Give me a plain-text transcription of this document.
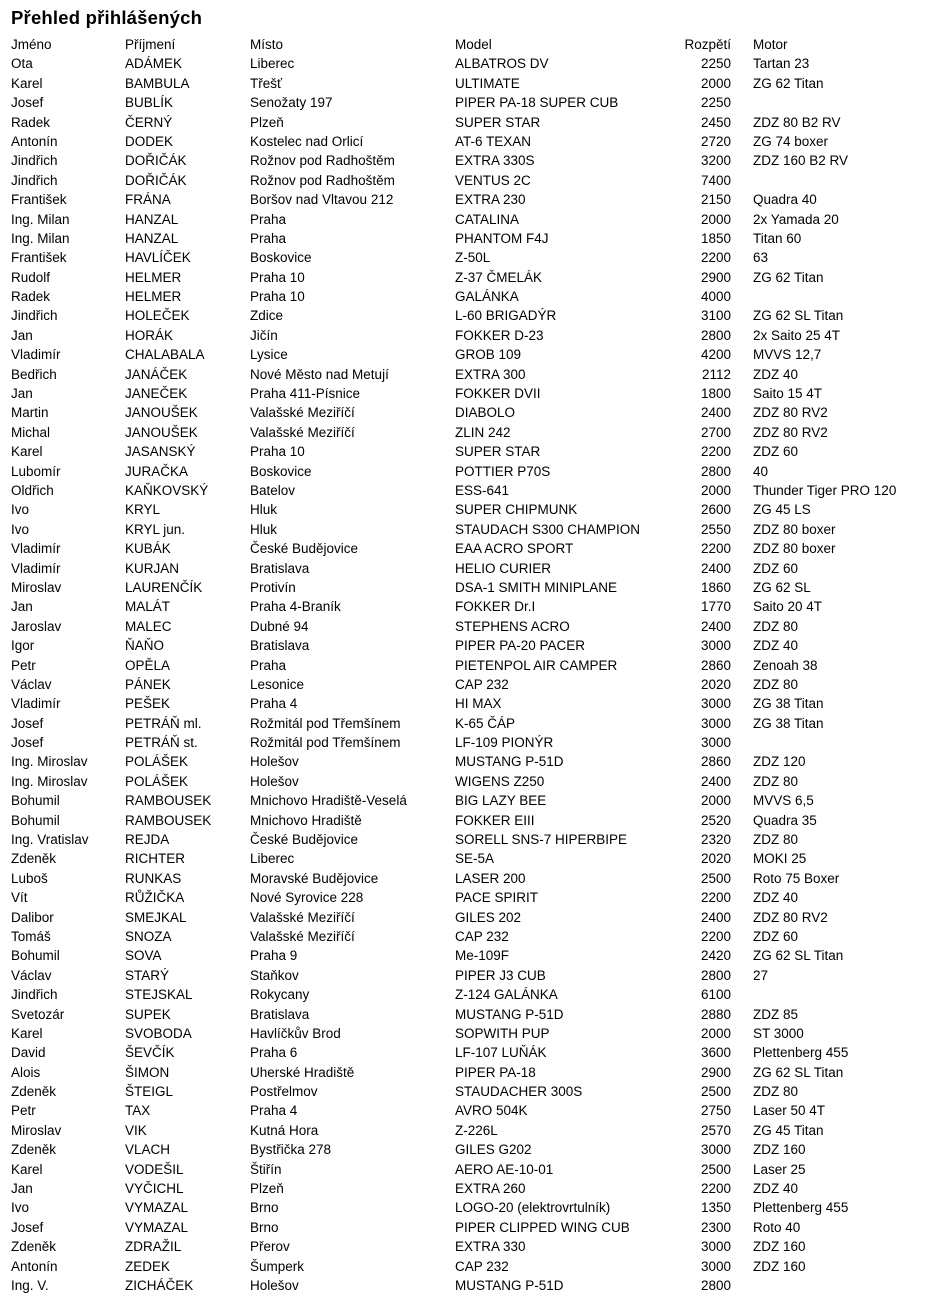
Přehled přihlášených
Jméno	Příjmení	Místo	Model	Rozpětí	Motor
Ota	ADÁMEK	Liberec	ALBATROS DV	2250	Tartan 23
Karel	BAMBULA	Třešť	ULTIMATE	2000	ZG 62 Titan
Josef	BUBLÍK	Senožaty 197	PIPER PA-18 SUPER CUB	2250
Radek	ČERNÝ	Plzeň	SUPER STAR	2450	ZDZ 80 B2 RV
Antonín	DODEK	Kostelec nad Orlicí	AT-6 TEXAN	2720	ZG 74 boxer
Jindřich	DOŘIČÁK	Rožnov pod Radhoštěm	EXTRA 330S	3200	ZDZ 160 B2 RV
Jindřich	DOŘIČÁK	Rožnov pod Radhoštěm	VENTUS 2C	7400
František	FRÁNA	Boršov nad Vltavou 212	EXTRA 230	2150	Quadra 40
Ing. Milan	HANZAL	Praha	CATALINA	2000	2x Yamada 20
Ing. Milan	HANZAL	Praha	PHANTOM F4J	1850	Titan 60
František	HAVLÍČEK	Boskovice	Z-50L	2200	63
Rudolf	HELMER	Praha 10	Z-37 ČMELÁK	2900	ZG 62 Titan
Radek	HELMER	Praha 10	GALÁNKA	4000
Jindřich	HOLEČEK	Zdice	L-60 BRIGADÝR	3100	ZG 62 SL Titan
Jan	HORÁK	Jičín	FOKKER D-23	2800	2x Saito 25 4T
Vladimír	CHALABALA	Lysice	GROB 109	4200	MVVS 12,7
Bedřich	JANÁČEK	Nové Město nad Metují	EXTRA 300	2112	ZDZ 40
Jan	JANEČEK	Praha 411-Písnice	FOKKER DVII	1800	Saito 15 4T
Martin	JANOUŠEK	Valašské Meziříčí	DIABOLO	2400	ZDZ 80 RV2
Michal	JANOUŠEK	Valašské Meziříčí	ZLIN 242	2700	ZDZ 80 RV2
Karel	JASANSKÝ	Praha 10	SUPER STAR	2200	ZDZ 60
Lubomír	JURAČKA	Boskovice	POTTIER P70S	2800	40
Oldřich	KAŇKOVSKÝ	Batelov	ESS-641	2000	Thunder Tiger PRO 120
Ivo	KRYL	Hluk	SUPER CHIPMUNK	2600	ZG 45 LS
Ivo	KRYL jun.	Hluk	STAUDACH S300 CHAMPION	2550	ZDZ 80 boxer
Vladimír	KUBÁK	České Budějovice	EAA ACRO SPORT	2200	ZDZ 80 boxer
Vladimír	KURJAN	Bratislava	HELIO CURIER	2400	ZDZ 60
Miroslav	LAURENČÍK	Protivín	DSA-1 SMITH MINIPLANE	1860	ZG 62 SL
Jan	MALÁT	Praha 4-Braník	FOKKER Dr.I	1770	Saito 20 4T
Jaroslav	MALEC	Dubné 94	STEPHENS ACRO	2400	ZDZ 80
Igor	ŇAŇO	Bratislava	PIPER PA-20 PACER	3000	ZDZ 40
Petr	OPĚLA	Praha	PIETENPOL AIR CAMPER	2860	Zenoah 38
Václav	PÁNEK	Lesonice	CAP 232	2020	ZDZ 80
Vladimír	PEŠEK	Praha 4	HI MAX	3000	ZG 38 Titan
Josef	PETRÁŇ ml.	Rožmitál pod Třemšínem	K-65 ČÁP	3000	ZG 38 Titan
Josef	PETRÁŇ st.	Rožmitál pod Třemšínem	LF-109 PIONÝR	3000
Ing. Miroslav	POLÁŠEK	Holešov	MUSTANG P-51D	2860	ZDZ 120
Ing. Miroslav	POLÁŠEK	Holešov	WIGENS Z250	2400	ZDZ 80
Bohumil	RAMBOUSEK	Mnichovo Hradiště-Veselá	BIG LAZY BEE	2000	MVVS 6,5
Bohumil	RAMBOUSEK	Mnichovo Hradiště	FOKKER EIII	2520	Quadra 35
Ing. Vratislav	REJDA	České Budějovice	SORELL SNS-7 HIPERBIPE	2320	ZDZ 80
Zdeněk	RICHTER	Liberec	SE-5A	2020	MOKI 25
Luboš	RUNKAS	Moravské Budějovice	LASER 200	2500	Roto 75 Boxer
Vít	RŮŽIČKA	Nové Syrovice 228	PACE SPIRIT	2200	ZDZ 40
Dalibor	SMEJKAL	Valašské Meziříčí	GILES 202	2400	ZDZ 80 RV2
Tomáš	SNOZA	Valašské Meziříčí	CAP 232	2200	ZDZ 60
Bohumil	SOVA	Praha 9	Me-109F	2420	ZG 62 SL Titan
Václav	STARÝ	Staňkov	PIPER J3 CUB	2800	27
Jindřich	STEJSKAL	Rokycany	Z-124 GALÁNKA	6100
Svetozár	SUPEK	Bratislava	MUSTANG P-51D	2880	ZDZ 85
Karel	SVOBODA	Havlíčkův Brod	SOPWITH PUP	2000	ST 3000
David	ŠEVČÍK	Praha 6	LF-107 LUŇÁK	3600	Plettenberg 455
Alois	ŠIMON	Uherské Hradiště	PIPER PA-18	2900	ZG 62 SL Titan
Zdeněk	ŠTEIGL	Postřelmov	STAUDACHER 300S	2500	ZDZ 80
Petr	TAX	Praha 4	AVRO 504K	2750	Laser 50 4T
Miroslav	VIK	Kutná Hora	Z-226L	2570	ZG 45 Titan
Zdeněk	VLACH	Bystřička 278	GILES G202	3000	ZDZ 160
Karel	VODEŠIL	Štiřín	AERO AE-10-01	2500	Laser 25
Jan	VYČICHL	Plzeň	EXTRA 260	2200	ZDZ 40
Ivo	VYMAZAL	Brno	LOGO-20 (elektrovrtulník)	1350	Plettenberg 455
Josef	VYMAZAL	Brno	PIPER CLIPPED WING CUB	2300	Roto 40
Zdeněk	ZDRAŽIL	Přerov	EXTRA 330	3000	ZDZ 160
Antonín	ZEDEK	Šumperk	CAP 232	3000	ZDZ 160
Ing. V.	ZICHÁČEK	Holešov	MUSTANG P-51D	2800
